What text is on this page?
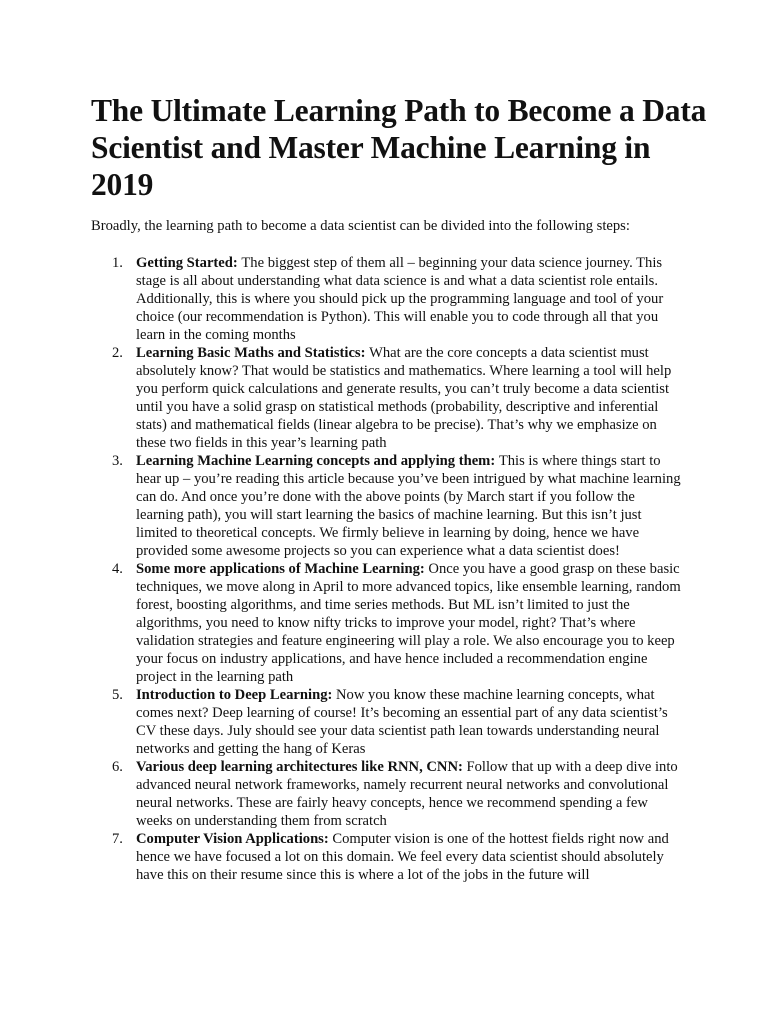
The Ultimate Learning Path to Become a Data Scientist and Master Machine Learning in 2019

Broadly, the learning path to become a data scientist can be divided into the following steps:

1. Getting Started: The biggest step of them all – beginning your data science journey. This stage is all about understanding what data science is and what a data scientist role entails. Additionally, this is where you should pick up the programming language and tool of your choice (our recommendation is Python). This will enable you to code through all that you learn in the coming months
2. Learning Basic Maths and Statistics: What are the core concepts a data scientist must absolutely know? That would be statistics and mathematics. Where learning a tool will help you perform quick calculations and generate results, you can’t truly become a data scientist until you have a solid grasp on statistical methods (probability, descriptive and inferential stats) and mathematical fields (linear algebra to be precise). That’s why we emphasize on these two fields in this year’s learning path
3. Learning Machine Learning concepts and applying them: This is where things start to hear up – you’re reading this article because you’ve been intrigued by what machine learning can do. And once you’re done with the above points (by March start if you follow the learning path), you will start learning the basics of machine learning. But this isn’t just limited to theoretical concepts. We firmly believe in learning by doing, hence we have provided some awesome projects so you can experience what a data scientist does!
4. Some more applications of Machine Learning: Once you have a good grasp on these basic techniques, we move along in April to more advanced topics, like ensemble learning, random forest, boosting algorithms, and time series methods. But ML isn’t limited to just the algorithms, you need to know nifty tricks to improve your model, right? That’s where validation strategies and feature engineering will play a role. We also encourage you to keep your focus on industry applications, and have hence included a recommendation engine project in the learning path
5. Introduction to Deep Learning: Now you know these machine learning concepts, what comes next? Deep learning of course! It’s becoming an essential part of any data scientist’s CV these days. July should see your data scientist path lean towards understanding neural networks and getting the hang of Keras
6. Various deep learning architectures like RNN, CNN: Follow that up with a deep dive into advanced neural network frameworks, namely recurrent neural networks and convolutional neural networks. These are fairly heavy concepts, hence we recommend spending a few weeks on understanding them from scratch
7. Computer Vision Applications: Computer vision is one of the hottest fields right now and hence we have focused a lot on this domain. We feel every data scientist should absolutely have this on their resume since this is where a lot of the jobs in the future will
